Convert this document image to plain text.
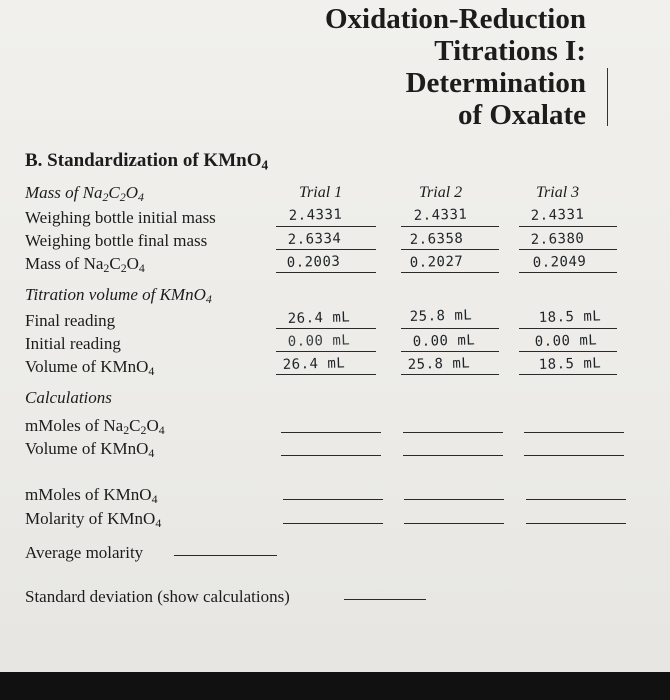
Oxidation-Reduction
Titrations I:
Determination
of Oxalate
B. Standardization of KMnO$_4$
Mass of $Na_2C_2O_4$	Trial 1	Trial 2	Trial 3
Weighing bottle initial mass	2.4331	2.4331	2.4331
Weighing bottle final mass	2.6334	2.6358	2.6380
Mass of $Na_2C_2O_4$	0.2003	0.2027	0.2049
Titration volume of KMnO$_4$
Final reading	26.4 mL	25.8 mL	18.5 mL
Initial reading	0.00 mL	0.00 mL	0.00 mL
Volume of KMnO$_4$	26.4 mL	25.8 mL	18.5 mL
Calculations
mMoles of $Na_2C_2O_4$
Volume of KMnO$_4$
mMoles of KMnO$_4$
Molarity of KMnO$_4$
Average molarity
Standard deviation (show calculations)
